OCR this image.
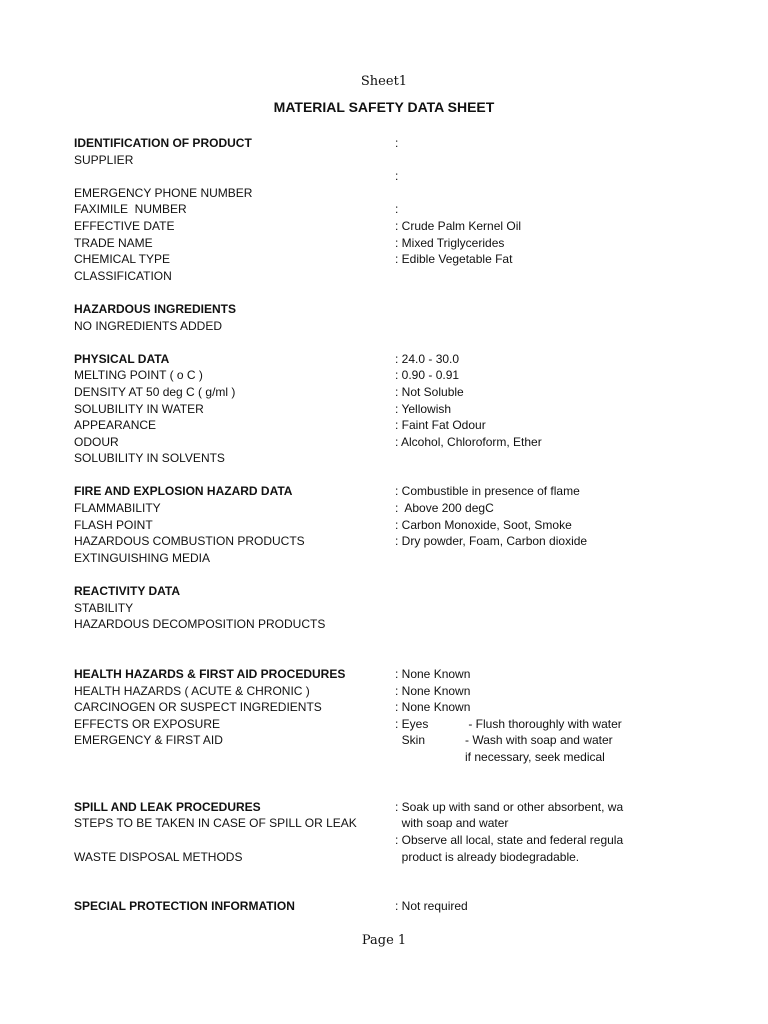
Sheet1
MATERIAL SAFETY DATA SHEET
IDENTIFICATION OF PRODUCT
SUPPLIER
EMERGENCY PHONE NUMBER
FAXIMILE  NUMBER
EFFECTIVE DATE
TRADE NAME
CHEMICAL TYPE
CLASSIFICATION
HAZARDOUS INGREDIENTS
NO INGREDIENTS ADDED
PHYSICAL DATA
MELTING POINT ( o C )
DENSITY AT 50 deg C ( g/ml )
SOLUBILITY IN WATER
APPEARANCE
ODOUR
SOLUBILITY IN SOLVENTS
FIRE AND EXPLOSION HAZARD DATA
FLAMMABILITY
FLASH POINT
HAZARDOUS COMBUSTION PRODUCTS
EXTINGUISHING MEDIA
REACTIVITY DATA
STABILITY
HAZARDOUS DECOMPOSITION PRODUCTS
HEALTH HAZARDS & FIRST AID PROCEDURES
HEALTH HAZARDS ( ACUTE & CHRONIC )
CARCINOGEN OR SUSPECT INGREDIENTS
EFFECTS OR EXPOSURE
EMERGENCY & FIRST AID
SPILL AND LEAK PROCEDURES
STEPS TO BE TAKEN IN CASE OF SPILL OR LEAK
WASTE DISPOSAL METHODS
SPECIAL PROTECTION INFORMATION
:
:
:
: Crude Palm Kernel Oil
: Mixed Triglycerides
: Edible Vegetable Fat
: 24.0 - 30.0
: 0.90 - 0.91
: Not Soluble
: Yellowish
: Faint Fat Odour
: Alcohol, Chloroform, Ether
: Combustible in presence of flame
:  Above 200 degC
: Carbon Monoxide, Soot, Smoke
: Dry powder, Foam, Carbon dioxide
: None Known
: None Known
: None Known
: Eyes            - Flush thoroughly with water
Skin            - Wash with soap and water
if necessary, seek medical
: Soak up with sand or other absorbent, wa
with soap and water
: Observe all local, state and federal regula
product is already biodegradable.
: Not required
Page 1
